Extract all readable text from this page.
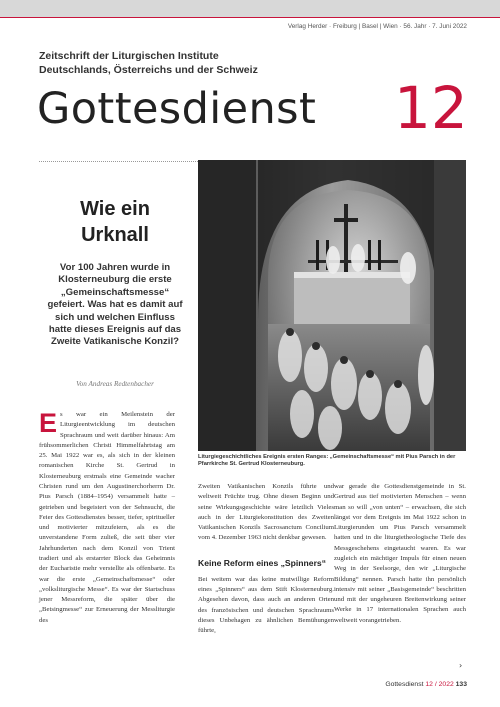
Verlag Herder · Freiburg | Basel | Wien · 56. Jahr · 7. Juni 2022
Zeitschrift der Liturgischen Institute
Deutschlands, Österreichs und der Schweiz
Gottesdienst 12
Wie ein
Urknall
Vor 100 Jahren wurde in Klosterneuburg die erste „Gemeinschaftsmesse“ gefeiert. Was hat es damit auf sich und welchen Einfluss hatte dieses Ereignis auf das Zweite Vatikanische Konzil?
Von Andreas Redtenbacher
Liturgiegeschichtliches Ereignis ersten Ranges: „Gemeinschaftsmesse“ mit Pius Parsch in der Pfarrkirche St. Gertrud Klosterneuburg.

E s war ein Meilenstein der Liturgieentwicklung im deutschen Sprachraum und weit darüber hinaus: Am frühsommerlichen Christi Himmelfahrtstag am 25. Mai 1922 war es, als sich in der kleinen romanischen Kirche St. Gertrud in Klosterneuburg erstmals eine Gemeinde wacher Christen rund um den Augustinerchorherrn Dr. Pius Parsch (1884–1954) versammelt hatte – getrieben und begeistert von der Sehnsucht, die Feier des Gottesdienstes besser, tiefer, spiritueller und motivierter mitzufeiern, als es die unverstandene Form zuließ, die seit über vier Jahrhunderten nach dem Konzil von Trient tradiert und als erstarrter Block das Geheimnis der Eucharistie mehr verstellte als offenbarte. Es war die erste „Gemeinschaftsmesse“ oder „volksliturgische Messe“. Es war der Startschuss jener Messreform, die später über die „Betsingmesse“ zur Erneuerung der Messliturgie des

Zweiten Vatikanischen Konzils führte und weltweit Früchte trug. Ohne diesen Beginn und seine Wirkungsgeschichte wäre letztlich Vieles auch in der Liturgiekonstitution des Zweiten Vatikanischen Konzils Sacrosanctum Concilium vom 4. Dezember 1963 nicht denkbar gewesen.

Keine Reform eines „Spinners“

Bei weitem war das keine mutwillige Reform eines „Spinners“ aus dem Stift Klosterneuburg. Abgesehen davon, dass auch an anderen Orten des französischen und deutschen Sprachraums dieses Unbehagen zu ähnlichen Bemühungen führte,

war gerade die Gottesdienstgemeinde in St. Gertrud aus tief motivierten Menschen – wenn man so will „von unten“ – erwachsen, die sich längst vor dem Ereignis im Mai 1922 schon in Liturgierunden um Pius Parsch versammelt hatten und in die liturgietheologische Tiefe des Messgeschehens eingetaucht waren. Es war zugleich ein mächtiger Impuls für einen neuen Weg in der Seelsorge, den wir „Liturgische Bildung“ nennen. Parsch hatte ihn persönlich intensiv mit seiner „Basisgemeinde“ beschritten und mit der ungeheuren Breitenwirkung seiner Werke in 17 internationalen Sprachen auch weltweit vorangetrieben.

›
Gottesdienst 12 / 2022 133
